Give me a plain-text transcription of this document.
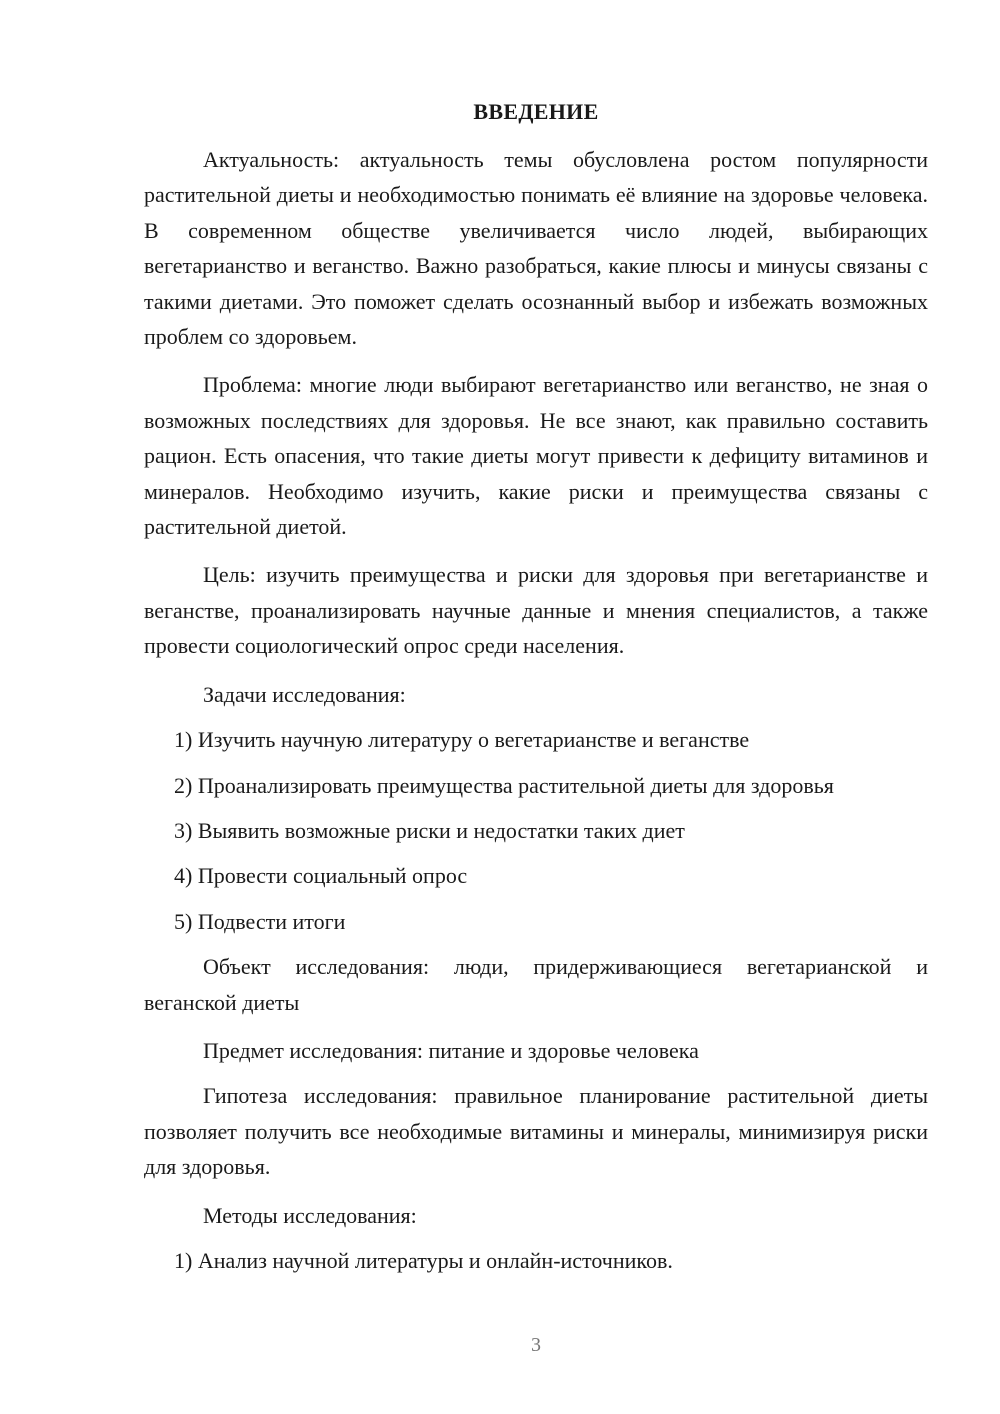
ВВЕДЕНИЕ

Актуальность: актуальность темы обусловлена ростом популярности растительной диеты и необходимостью понимать её влияние на здоровье человека. В современном обществе увеличивается число людей, выбирающих вегетарианство и веганство. Важно разобраться, какие плюсы и минусы связаны с такими диетами. Это поможет сделать осознанный выбор и избежать возможных проблем со здоровьем.

Проблема: многие люди выбирают вегетарианство или веганство, не зная о возможных последствиях для здоровья. Не все знают, как правильно составить рацион. Есть опасения, что такие диеты могут привести к дефициту витаминов и минералов. Необходимо изучить, какие риски и преимущества связаны с растительной диетой.

Цель: изучить преимущества и риски для здоровья при вегетарианстве и веганстве, проанализировать научные данные и мнения специалистов, а также провести социологический опрос среди населения.

Задачи исследования:

1) Изучить научную литературу о вегетарианстве и веганстве
2) Проанализировать преимущества растительной диеты для здоровья
3) Выявить возможные риски и недостатки таких диет
4) Провести социальный опрос
5) Подвести итоги

Объект исследования: люди, придерживающиеся вегетарианской и веганской диеты

Предмет исследования: питание и здоровье человека

Гипотеза исследования: правильное планирование растительной диеты позволяет получить все необходимые витамины и минералы, минимизируя риски для здоровья.

Методы исследования:

1) Анализ научной литературы и онлайн-источников.
3
